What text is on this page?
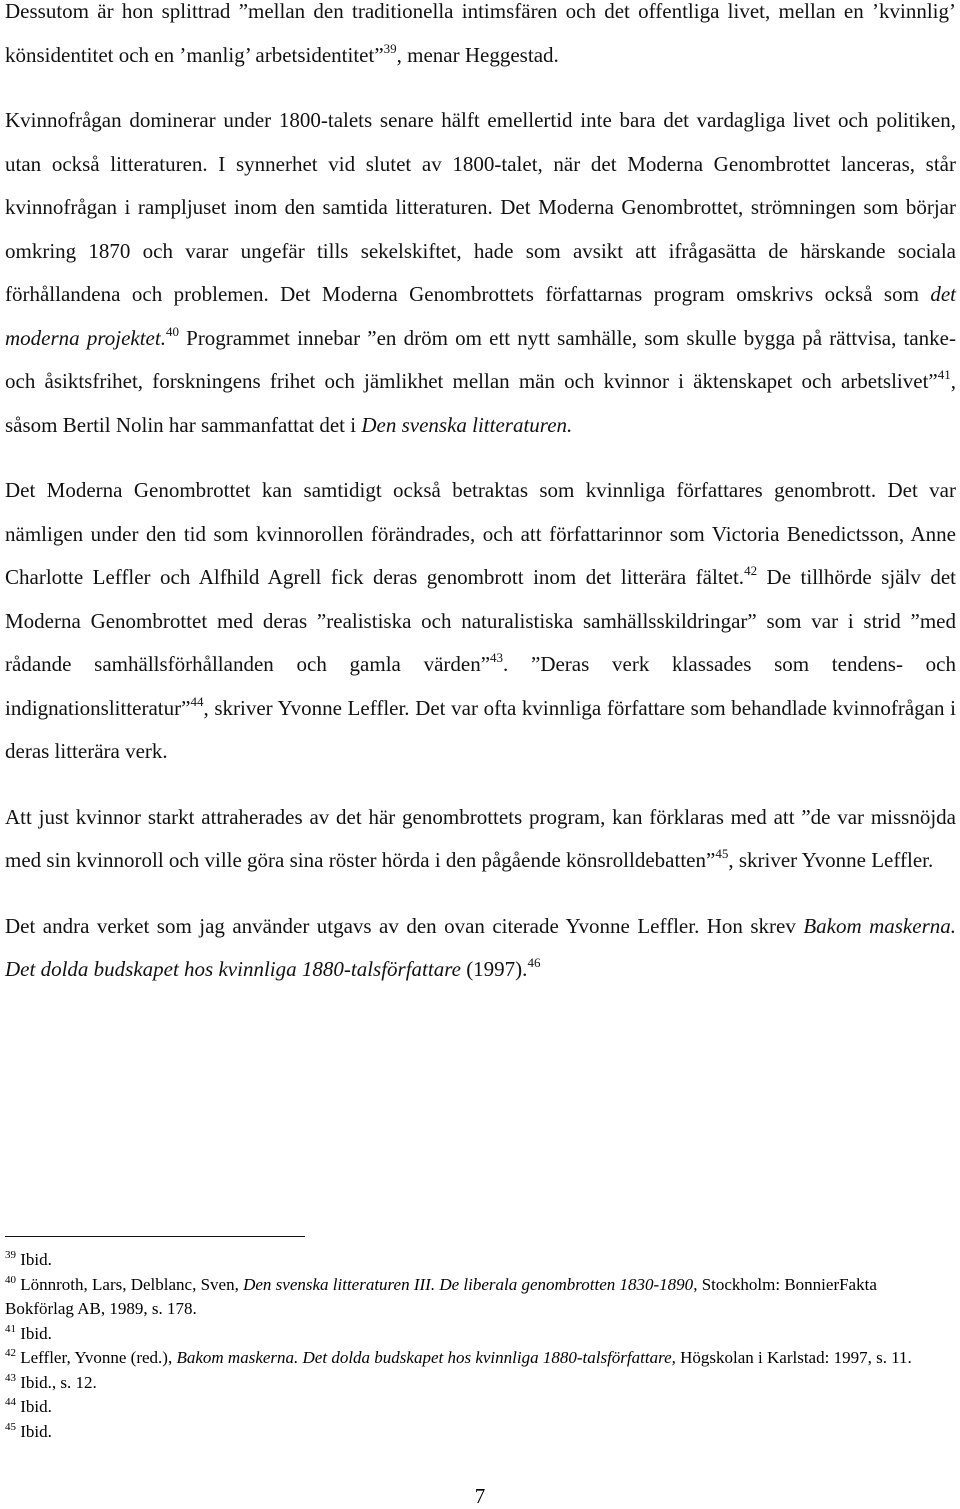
Dessutom är hon splittrad ”mellan den traditionella intimsfären och det offentliga livet, mellan en ’kvinnlig’ könsidentitet och en ’manlig’ arbetsidentitet”$^{39}$, menar Heggestad.

Kvinnofrågan dominerar under 1800-talets senare hälft emellertid inte bara det vardagliga livet och politiken, utan också litteraturen. I synnerhet vid slutet av 1800-talet, när det Moderna Genombrottet lanceras, står kvinnofrågan i rampljuset inom den samtida litteraturen. Det Moderna Genombrottet, strömningen som börjar omkring 1870 och varar ungefär tills sekelskiftet, hade som avsikt att ifrågasätta de härskande sociala förhållandena och problemen. Det Moderna Genombrottets författarnas program omskrivs också som det moderna projektet.$^{40}$ Programmet innebar ”en dröm om ett nytt samhälle, som skulle bygga på rättvisa, tanke- och åsiktsfrihet, forskningens frihet och jämlikhet mellan män och kvinnor i äktenskapet och arbetslivet”$^{41}$, såsom Bertil Nolin har sammanfattat det i Den svenska litteraturen.

Det Moderna Genombrottet kan samtidigt också betraktas som kvinnliga författares genombrott. Det var nämligen under den tid som kvinnorollen förändrades, och att författarinnor som Victoria Benedictsson, Anne Charlotte Leffler och Alfhild Agrell fick deras genombrott inom det litterära fältet.$^{42}$ De tillhörde själv det Moderna Genombrottet med deras ”realistiska och naturalistiska samhällsskildringar” som var i strid ”med rådande samhällsförhållanden och gamla värden”$^{43}$. ”Deras verk klassades som tendens- och indignationslitteratur”$^{44}$, skriver Yvonne Leffler. Det var ofta kvinnliga författare som behandlade kvinnofrågan i deras litterära verk.

Att just kvinnor starkt attraherades av det här genombrottets program, kan förklaras med att ”de var missnöjda med sin kvinnoroll och ville göra sina röster hörda i den pågående könsrolldebatten”$^{45}$, skriver Yvonne Leffler.

Det andra verket som jag använder utgavs av den ovan citerade Yvonne Leffler. Hon skrev Bakom maskerna. Det dolda budskapet hos kvinnliga 1880-talsförfattare (1997).$^{46}$

$^{39}$ Ibid.
$^{40}$ Lönnroth, Lars, Delblanc, Sven, Den svenska litteraturen III. De liberala genombrotten 1830-1890, Stockholm: BonnierFakta Bokförlag AB, 1989, s. 178.
$^{41}$ Ibid.
$^{42}$ Leffler, Yvonne (red.), Bakom maskerna. Det dolda budskapet hos kvinnliga 1880-talsförfattare, Högskolan i Karlstad: 1997, s. 11.
$^{43}$ Ibid., s. 12.
$^{44}$ Ibid.
$^{45}$ Ibid.
7
